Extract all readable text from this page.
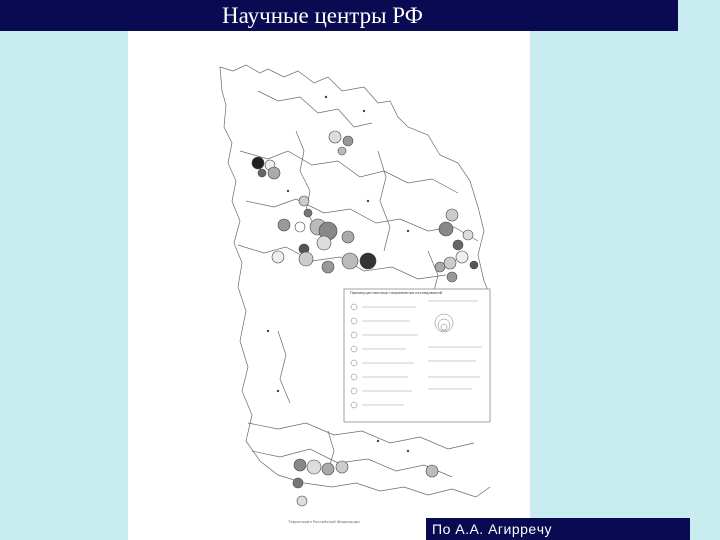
Научные центры РФ
Преимущественные направления исследований
Территория Российской Федерации	По А.А. Агиррeчу
